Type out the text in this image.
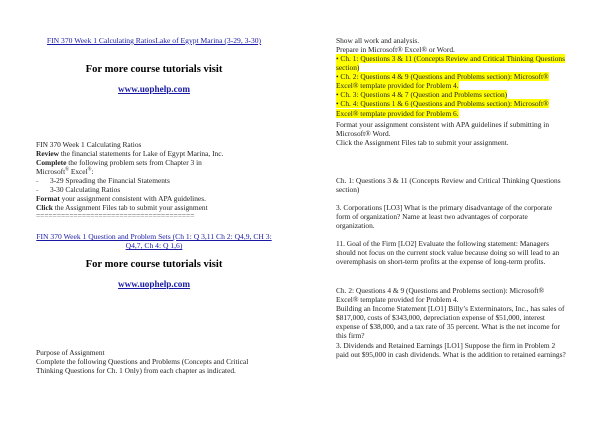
FIN 370 Week 1 Calculating RatiosLake of Egypt Marina (3-29, 3-30)
For more course tutorials visit
www.uophelp.com
FIN 370 Week 1 Calculating Ratios
Review the financial statements for Lake of Egypt Marina, Inc.
Complete the following problem sets from Chapter 3 in
Microsoft® Excel®:
- 3-29 Spreading the Financial Statements
- 3-30 Calculating Ratios
Format your assignment consistent with APA guidelines.
Click the Assignment Files tab to submit your assignment
======================================
FIN 370 Week 1 Question and Problem Sets (Ch 1: Q 3,11 Ch 2: Q4,9, CH 3: Q4,7, Ch 4: Q 1,6)
For more course tutorials visit
www.uophelp.com
Purpose of Assignment
Complete the following Questions and Problems (Concepts and Critical Thinking Questions for Ch. 1 Only) from each chapter as indicated.
Show all work and analysis.
Prepare in Microsoft® Excel® or Word.
• Ch. 1: Questions 3 & 11 (Concepts Review and Critical Thinking Questions section)
• Ch. 2: Questions 4 & 9 (Questions and Problems section): Microsoft® Excel® template provided for Problem 4.
• Ch. 3: Questions 4 & 7 (Question and Problems section)
• Ch. 4: Questions 1 & 6 (Questions and Problems section): Microsoft® Excel® template provided for Problem 6.
Format your assignment consistent with APA guidelines if submitting in Microsoft® Word.
Click the Assignment Files tab to submit your assignment.
Ch. 1: Questions 3 & 11 (Concepts Review and Critical Thinking Questions section)
3. Corporations [LO3] What is the primary disadvantage of the corporate form of organization? Name at least two advantages of corporate organization.
11. Goal of the Firm [LO2] Evaluate the following statement: Managers should not focus on the current stock value because doing so will lead to an overemphasis on short-term profits at the expense of long-term profits.
Ch. 2: Questions 4 & 9 (Questions and Problems section): Microsoft® Excel® template provided for Problem 4.
Building an Income Statement [LO1] Billy’s Exterminators, Inc., has sales of $817,000, costs of $343,000, depreciation expense of $51,000, interest expense of $38,000, and a tax rate of 35 percent. What is the net income for this firm?
3. Dividends and Retained Earnings [LO1] Suppose the firm in Problem 2 paid out $95,000 in cash dividends. What is the addition to retained earnings?
